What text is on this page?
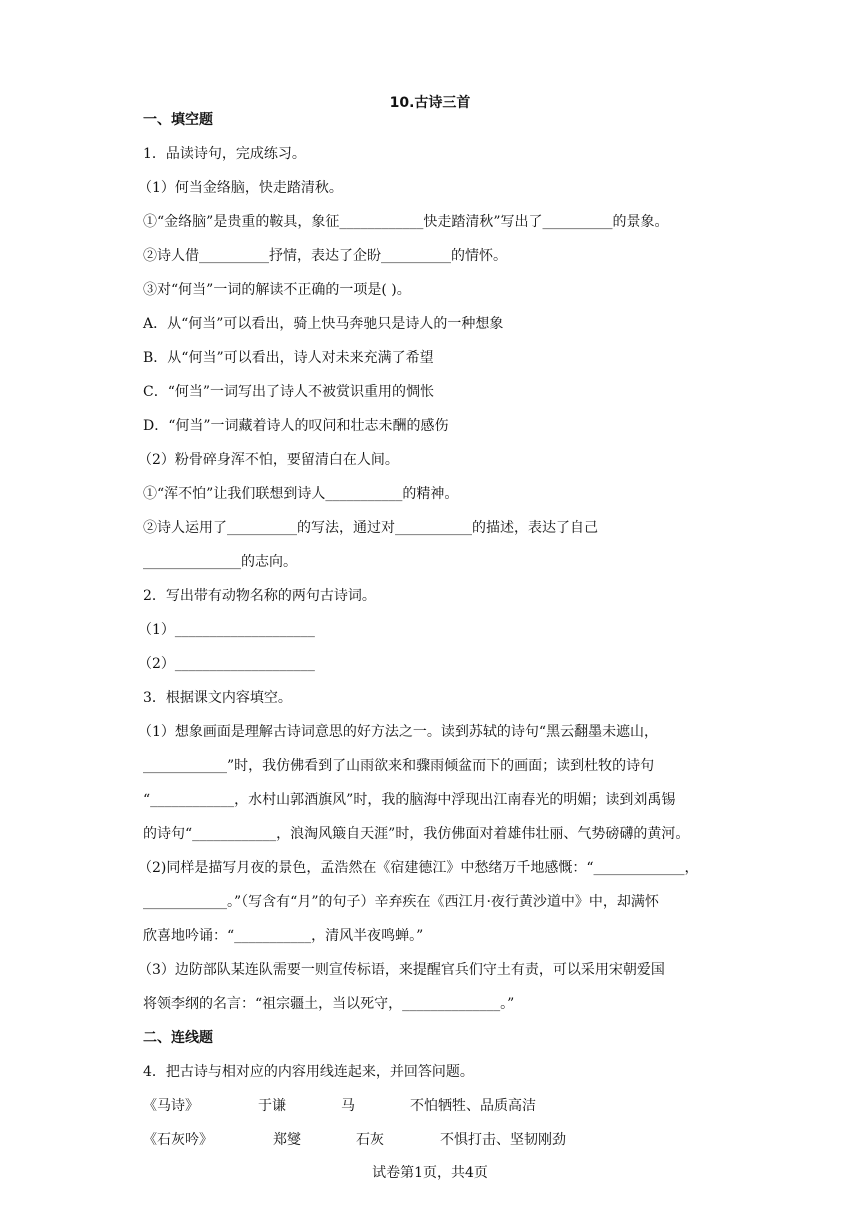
10.古诗三首
一、填空题
1．品读诗句，完成练习。
（1）何当金络脑，快走踏清秋。
①“金络脑”是贵重的鞍具，象征____________快走踏清秋”写出了__________的景象。
②诗人借__________抒情，表达了企盼__________的情怀。
③对“何当”一词的解读不正确的一项是( )。
A．从“何当”可以看出，骑上快马奔驰只是诗人的一种想象
B．从“何当”可以看出，诗人对未来充满了希望
C．“何当”一词写出了诗人不被赏识重用的惆怅
D．“何当”一词藏着诗人的叹问和壮志未酬的感伤
（2）粉骨碎身浑不怕，要留清白在人间。
①“浑不怕”让我们联想到诗人___________的精神。
②诗人运用了__________的写法，通过对___________的描述，表达了自己
______________的志向。
2．写出带有动物名称的两句古诗词。
（1）____________________
（2）____________________
3．根据课文内容填空。
（1）想象画面是理解古诗词意思的好方法之一。读到苏轼的诗句“黑云翻墨未遮山，
____________”时，我仿佛看到了山雨欲来和骤雨倾盆而下的画面；读到杜牧的诗句
“____________，水村山郭酒旗风”时，我的脑海中浮现出江南春光的明媚；读到刘禹锡
的诗句“____________，浪淘风簸自天涯”时，我仿佛面对着雄伟壮丽、气势磅礴的黄河。
（2)同样是描写月夜的景色，孟浩然在《宿建德江》中愁绪万千地感慨：“_____________，
____________。”（写含有“月”的句子）辛弃疾在《西江月·夜行黄沙道中》中，却满怀
欣喜地吟诵：“___________，清风半夜鸣蝉。”
（3）边防部队某连队需要一则宣传标语，来提醒官兵们守土有责，可以采用宋朝爱国
将领李纲的名言：“祖宗疆土，当以死守，______________。”
二、连线题
4．把古诗与相对应的内容用线连起来，并回答问题。
《马诗》	于谦	马	不怕牺牲、品质高洁
《石灰吟》	郑燮	石灰	不惧打击、坚韧刚劲
试卷第1页，共4页
